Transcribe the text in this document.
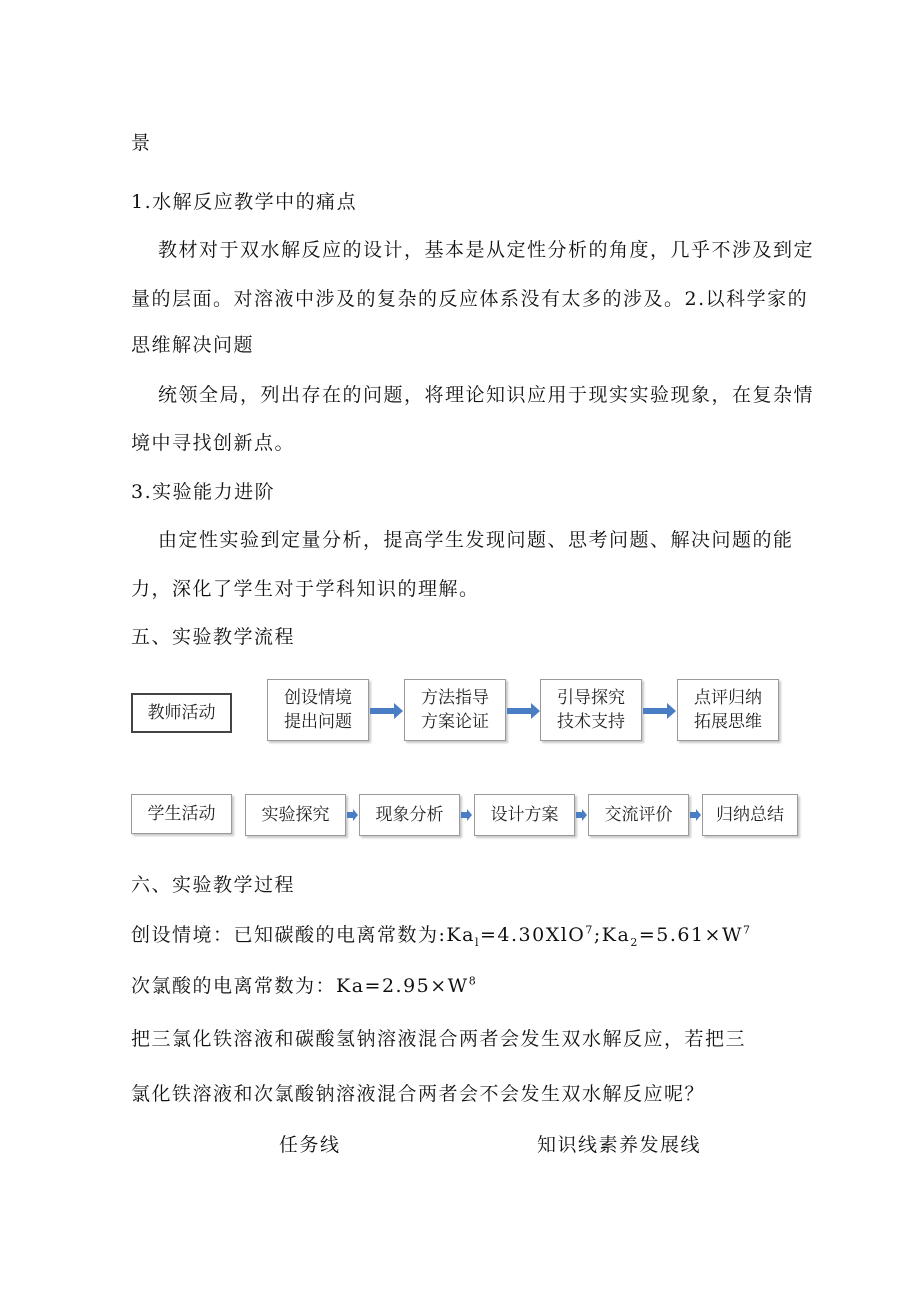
景
1.水解反应教学中的痛点
教材对于双水解反应的设计，基本是从定性分析的角度，几乎不涉及到定
量的层面。对溶液中涉及的复杂的反应体系没有太多的涉及。2.以科学家的
思维解决问题
统领全局，列出存在的问题，将理论知识应用于现实实验现象，在复杂情
境中寻找创新点。
3.实验能力进阶
由定性实验到定量分析，提高学生发现问题、思考问题、解决问题的能
力，深化了学生对于学科知识的理解。
五、实验教学流程
教师活动
创设情境
提出问题
方法指导
方案论证
引导探究
技术支持
点评归纳
拓展思维
学生活动	实验探究	现象分析	设计方案	交流评价	归纳总结
六、实验教学过程
创设情境：已知碳酸的电离常数为$:Ka_l=4.30XlO^7;Ka_2=5.61\times W^7$
次氯酸的电离常数为：$Ka=2.95\times W^8$
把三氯化铁溶液和碳酸氢钠溶液混合两者会发生双水解反应，若把三
氯化铁溶液和次氯酸钠溶液混合两者会不会发生双水解反应呢？
任务线	知识线素养发展线
